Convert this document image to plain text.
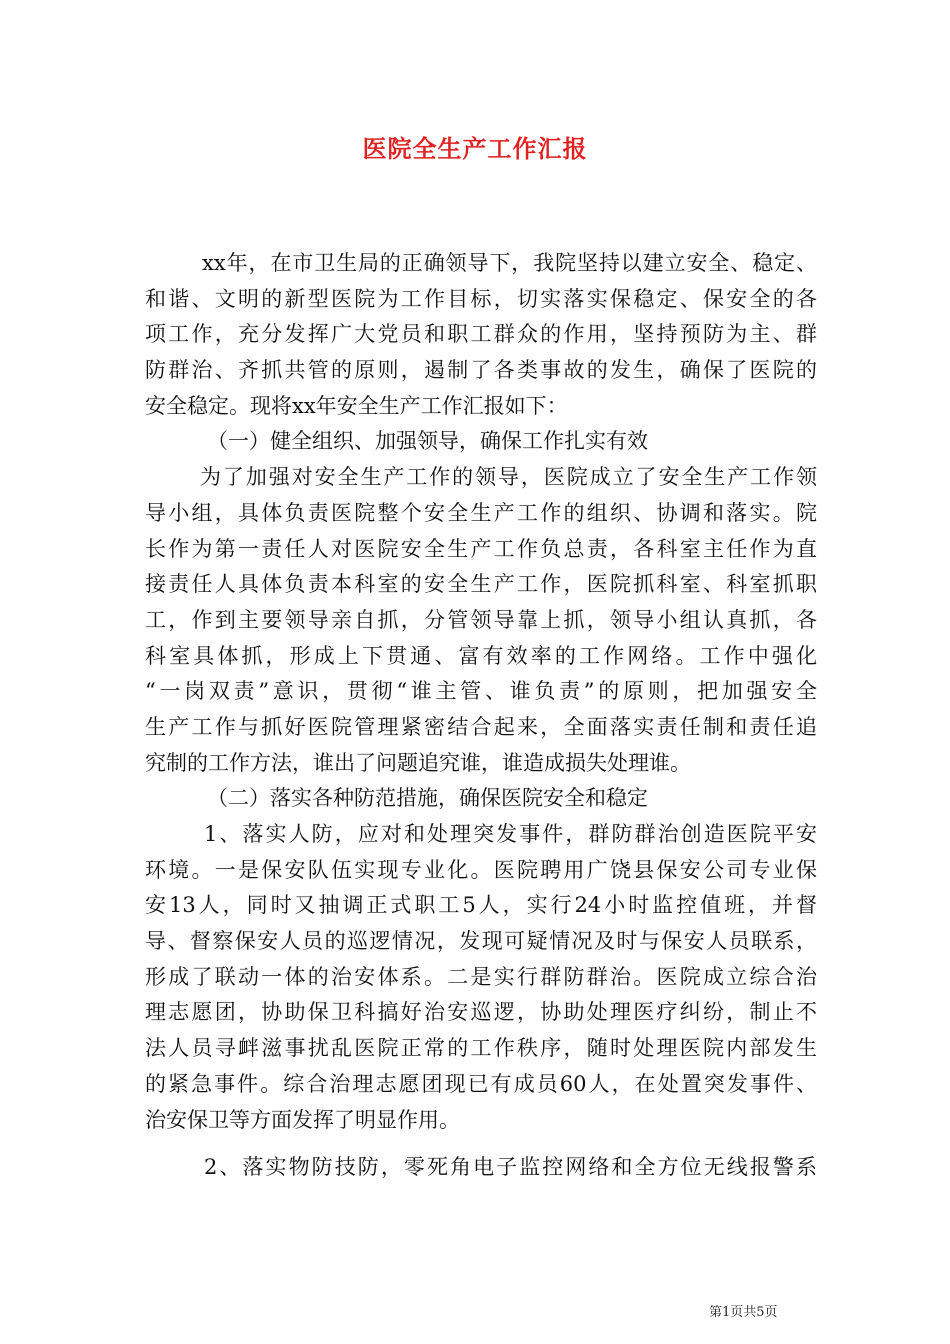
医院全生产工作汇报
xx年，在市卫生局的正确领导下，我院坚持以建立安全、稳定、
和谐、文明的新型医院为工作目标，切实落实保稳定、保安全的各
项工作，充分发挥广大党员和职工群众的作用，坚持预防为主、群
防群治、齐抓共管的原则，遏制了各类事故的发生，确保了医院的
安全稳定。现将xx年安全生产工作汇报如下：
（一）健全组织、加强领导，确保工作扎实有效
为了加强对安全生产工作的领导，医院成立了安全生产工作领
导小组，具体负责医院整个安全生产工作的组织、协调和落实。院
长作为第一责任人对医院安全生产工作负总责，各科室主任作为直
接责任人具体负责本科室的安全生产工作，医院抓科室、科室抓职
工，作到主要领导亲自抓，分管领导靠上抓，领导小组认真抓，各
科室具体抓，形成上下贯通、富有效率的工作网络。工作中强化
“一岗双责”意识，贯彻“谁主管、谁负责”的原则，把加强安全
生产工作与抓好医院管理紧密结合起来，全面落实责任制和责任追
究制的工作方法，谁出了问题追究谁，谁造成损失处理谁。
（二）落实各种防范措施，确保医院安全和稳定
1、落实人防，应对和处理突发事件，群防群治创造医院平安
环境。一是保安队伍实现专业化。医院聘用广饶县保安公司专业保
安13人，同时又抽调正式职工5人，实行24小时监控值班，并督
导、督察保安人员的巡逻情况，发现可疑情况及时与保安人员联系，
形成了联动一体的治安体系。二是实行群防群治。医院成立综合治
理志愿团，协助保卫科搞好治安巡逻，协助处理医疗纠纷，制止不
法人员寻衅滋事扰乱医院正常的工作秩序，随时处理医院内部发生
的紧急事件。综合治理志愿团现已有成员60人，在处置突发事件、
治安保卫等方面发挥了明显作用。
2、落实物防技防，零死角电子监控网络和全方位无线报警系
第1页共5页
